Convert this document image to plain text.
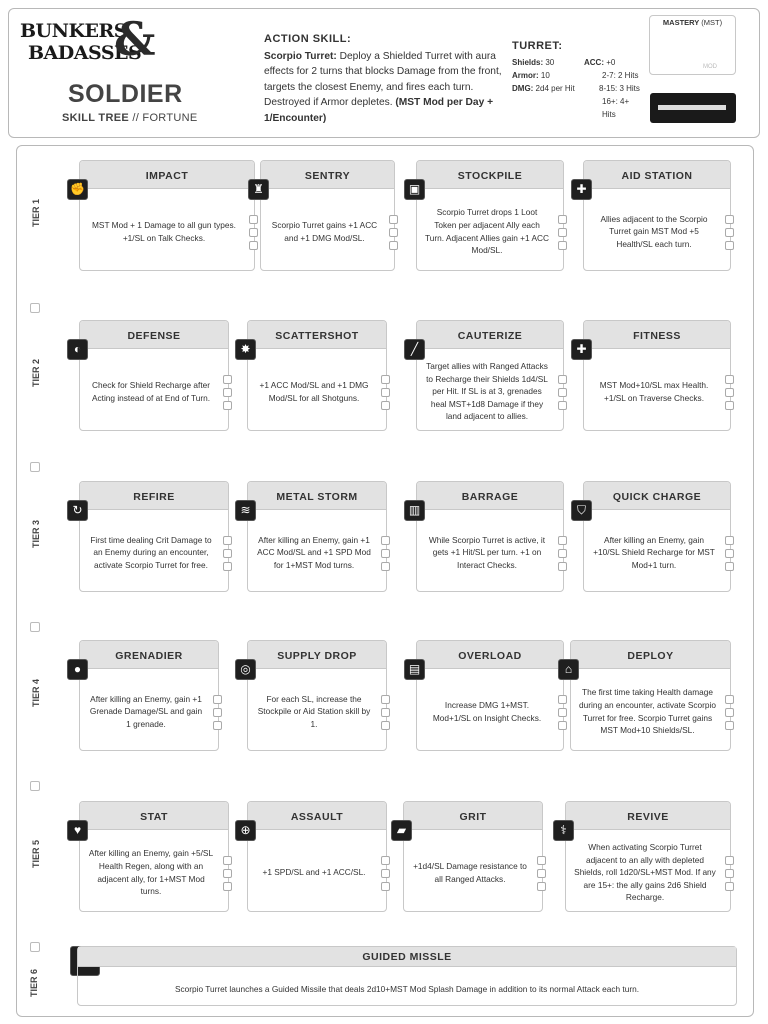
BUNKERS
BADASSES
&
SOLDIER
SKILL TREE // FORTUNE
ACTION SKILL:
Scorpio Turret: Deploy a Shielded Turret with aura effects for 2 turns that blocks Damage from the front, targets the closest Enemy, and fires each turn. Destroyed if Armor depletes. (MST Mod per Day + 1/Encounter)
TURRET:
Shields: 30
Armor: 10
DMG: 2d4 per Hit
ACC: +0
2-7: 2 Hits
8-15: 3 Hits
16+: 4+ Hits
MASTERY (MST)
MOD
TIER 1
IMPACT
MST Mod + 1 Damage to all gun types. +1/SL on Talk Checks.
✊
SENTRY
Scorpio Turret gains +1 ACC and +1 DMG Mod/SL.
♜
STOCKPILE
Scorpio Turret drops 1 Loot Token per adjacent Ally each Turn. Adjacent Allies gain +1 ACC Mod/SL.
▣
AID STATION
Allies adjacent to the Scorpio Turret gain MST Mod +5 Health/SL each turn.
✚
TIER 2
DEFENSE
Check for Shield Recharge after Acting instead of at End of Turn.
◐
SCATTERSHOT
+1 ACC Mod/SL and +1 DMG Mod/SL for all Shotguns.
✸
CAUTERIZE
Target allies with Ranged Attacks to Recharge their Shields 1d4/SL per Hit. If SL is at 3, grenades heal MST+1d8 Damage if they land adjacent to allies.
╱
FITNESS
MST Mod+10/SL max Health. +1/SL on Traverse Checks.
✚
TIER 3
REFIRE
First time dealing Crit Damage to an Enemy during an encounter, activate Scorpio Turret for free.
↻
METAL STORM
After killing an Enemy, gain +1 ACC Mod/SL and +1 SPD Mod for 1+MST Mod turns.
≋
BARRAGE
While Scorpio Turret is active, it gets +1 Hit/SL per turn. +1 on Interact Checks.
▥
QUICK CHARGE
After killing an Enemy, gain +10/SL Shield Recharge for MST Mod+1 turn.
⛉
TIER 4
GRENADIER
After killing an Enemy, gain +1 Grenade Damage/SL and gain 1 grenade.
●
SUPPLY DROP
For each SL, increase the Stockpile or Aid Station skill by 1.
◎
OVERLOAD
Increase DMG 1+MST. Mod+1/SL on Insight Checks.
▤
DEPLOY
The first time taking Health damage during an encounter, activate Scorpio Turret for free. Scorpio Turret gains MST Mod+10 Shields/SL.
⌂
TIER 5
STAT
After killing an Enemy, gain +5/SL Health Regen, along with an adjacent ally, for 1+MST Mod turns.
♥
ASSAULT
+1 SPD/SL and +1 ACC/SL.
⊕
GRIT
+1d4/SL Damage resistance to all Ranged Attacks.
▰
REVIVE
When activating Scorpio Turret adjacent to an ally with depleted Shields, roll 1d20/SL+MST Mod. If any are 15+: the ally gains 2d6 Shield Recharge.
⚕
TIER 6
GUIDED MISSLE
Scorpio Turret launches a Guided Missile that deals 2d10+MST Mod Splash Damage in addition to its normal Attack each turn.
